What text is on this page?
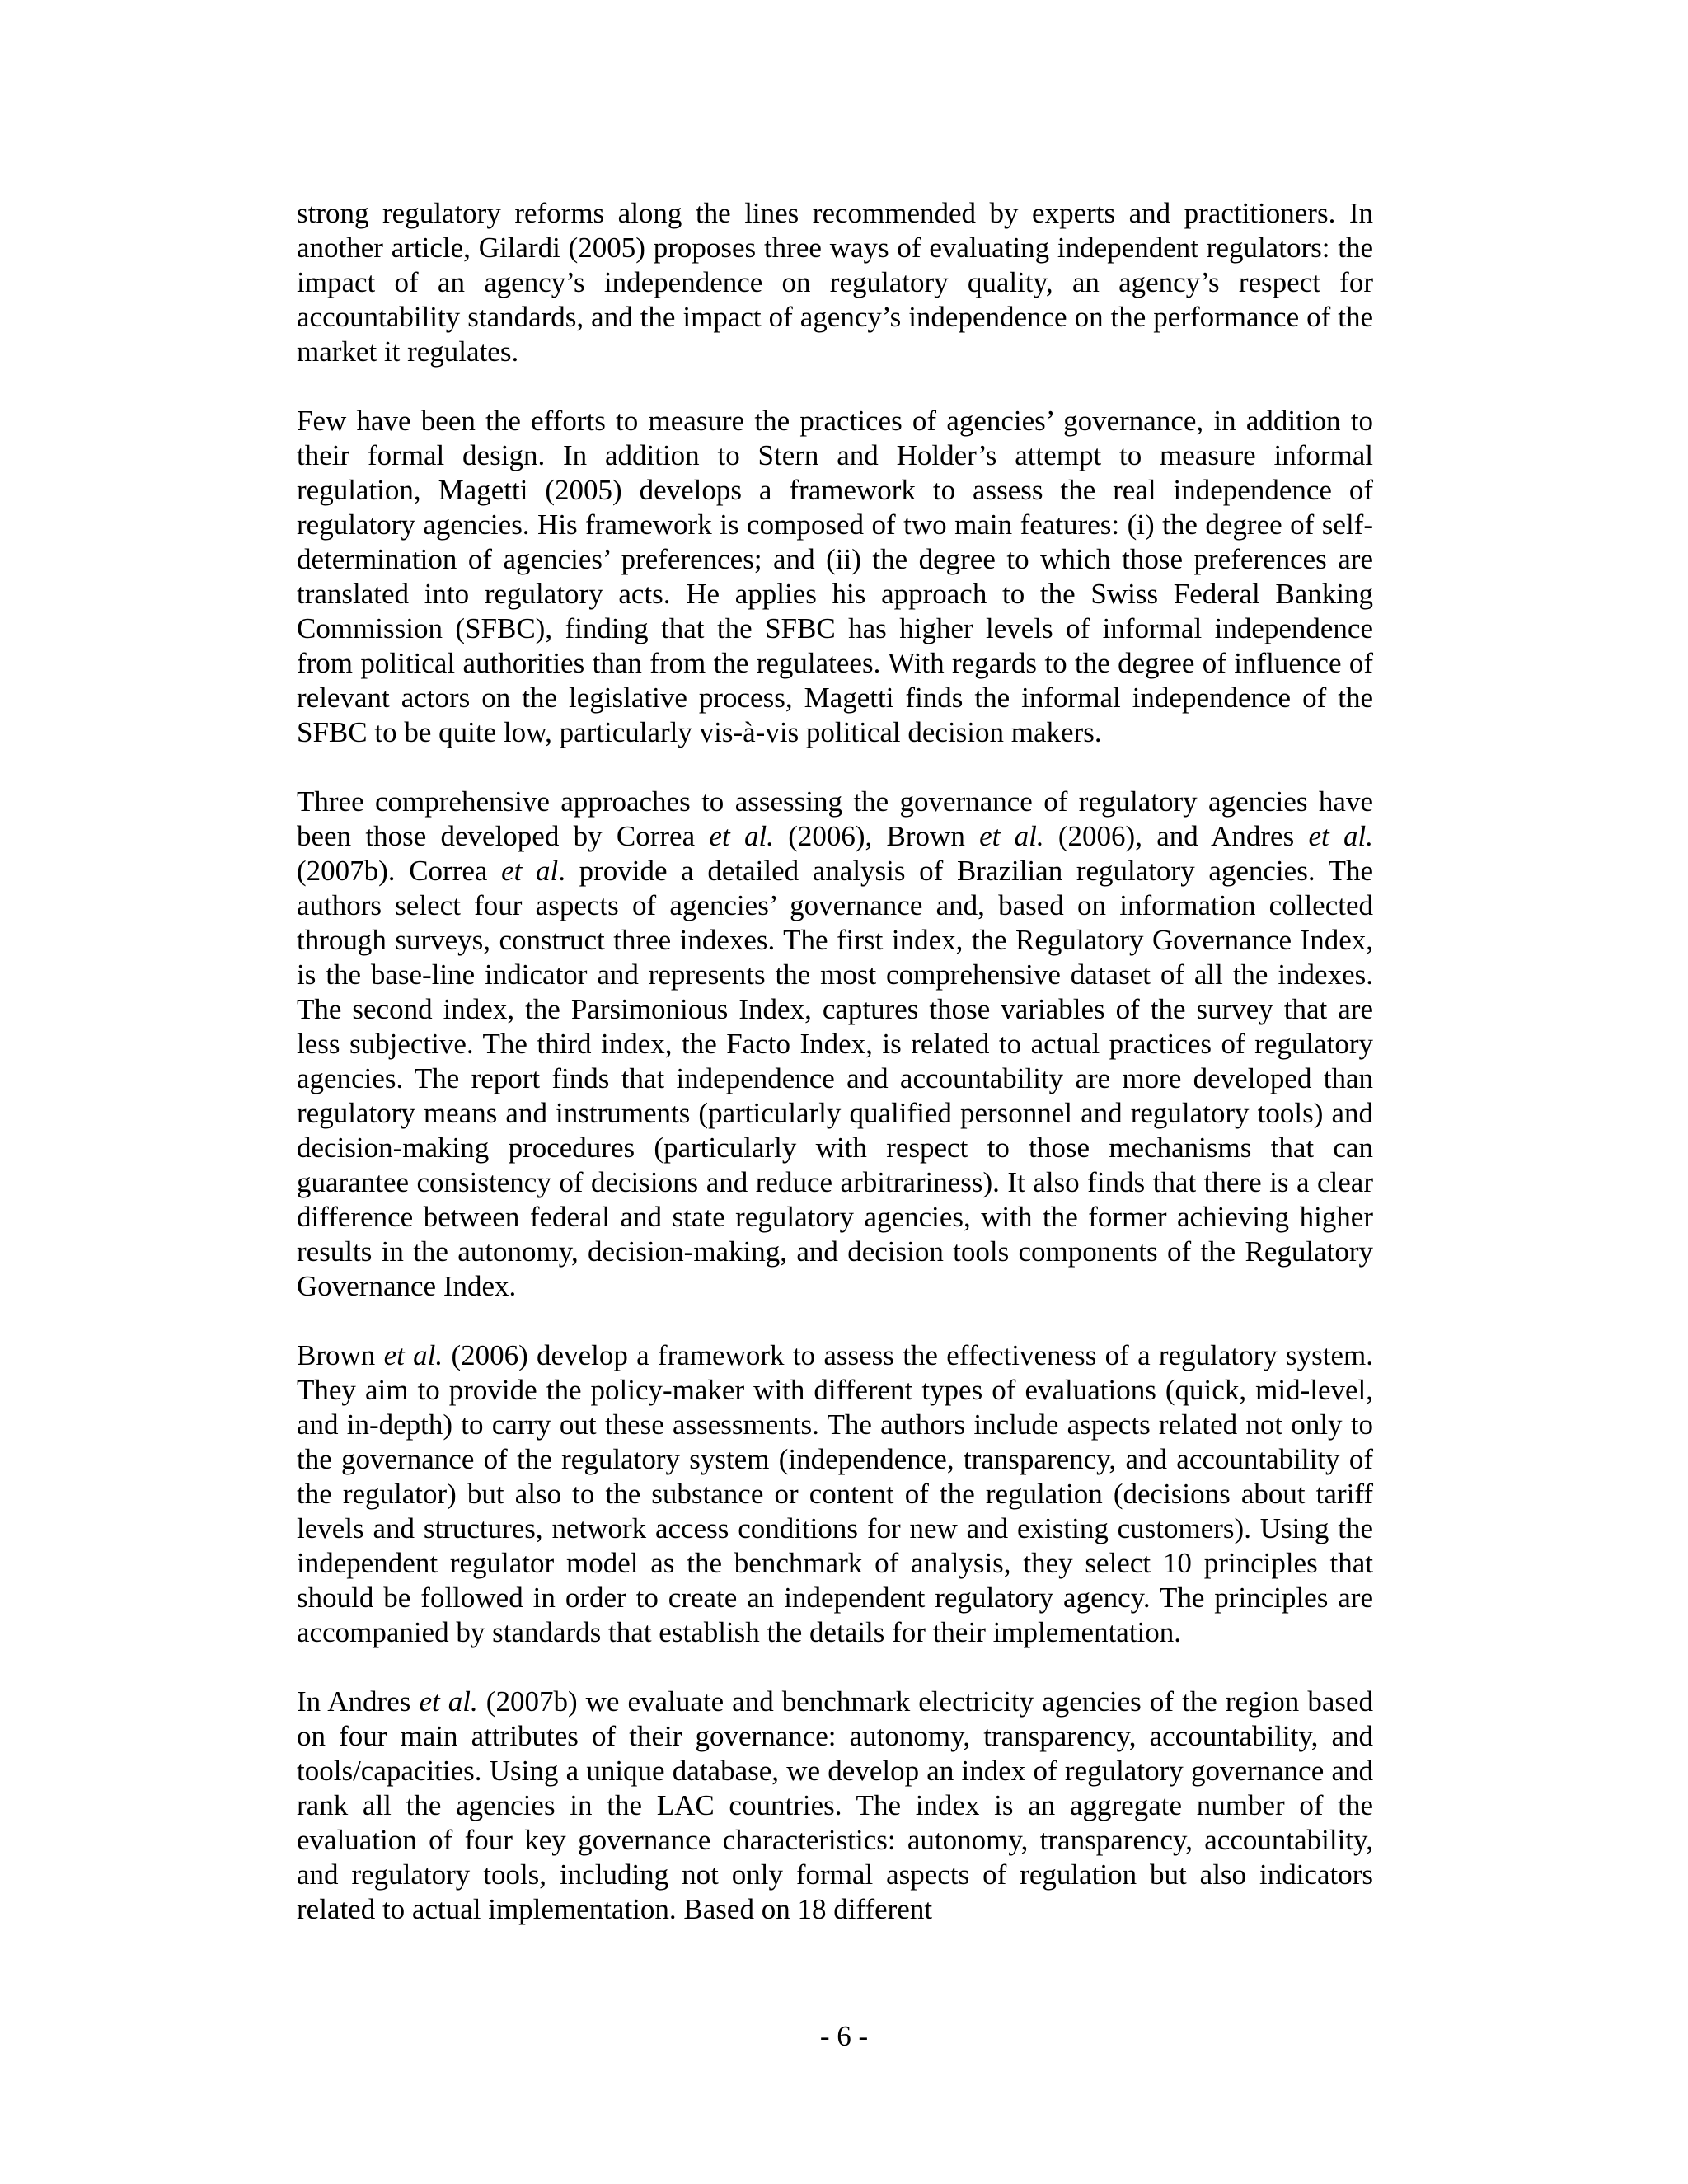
strong regulatory reforms along the lines recommended by experts and practitioners. In another article, Gilardi (2005) proposes three ways of evaluating independent regulators: the impact of an agency’s independence on regulatory quality, an agency’s respect for accountability standards, and the impact of agency’s independence on the performance of the market it regulates.

Few have been the efforts to measure the practices of agencies’ governance, in addition to their formal design. In addition to Stern and Holder’s attempt to measure informal regulation, Magetti (2005) develops a framework to assess the real independence of regulatory agencies. His framework is composed of two main features: (i) the degree of self-determination of agencies’ preferences; and (ii) the degree to which those preferences are translated into regulatory acts. He applies his approach to the Swiss Federal Banking Commission (SFBC), finding that the SFBC has higher levels of informal independence from political authorities than from the regulatees. With regards to the degree of influence of relevant actors on the legislative process, Magetti finds the informal independence of the SFBC to be quite low, particularly vis-à-vis political decision makers.

Three comprehensive approaches to assessing the governance of regulatory agencies have been those developed by Correa et al. (2006), Brown et al. (2006), and Andres et al. (2007b). Correa et al. provide a detailed analysis of Brazilian regulatory agencies. The authors select four aspects of agencies’ governance and, based on information collected through surveys, construct three indexes. The first index, the Regulatory Governance Index, is the base-line indicator and represents the most comprehensive dataset of all the indexes. The second index, the Parsimonious Index, captures those variables of the survey that are less subjective. The third index, the Facto Index, is related to actual practices of regulatory agencies. The report finds that independence and accountability are more developed than regulatory means and instruments (particularly qualified personnel and regulatory tools) and decision-making procedures (particularly with respect to those mechanisms that can guarantee consistency of decisions and reduce arbitrariness). It also finds that there is a clear difference between federal and state regulatory agencies, with the former achieving higher results in the autonomy, decision-making, and decision tools components of the Regulatory Governance Index.

Brown et al. (2006) develop a framework to assess the effectiveness of a regulatory system. They aim to provide the policy-maker with different types of evaluations (quick, mid-level, and in-depth) to carry out these assessments. The authors include aspects related not only to the governance of the regulatory system (independence, transparency, and accountability of the regulator) but also to the substance or content of the regulation (decisions about tariff levels and structures, network access conditions for new and existing customers). Using the independent regulator model as the benchmark of analysis, they select 10 principles that should be followed in order to create an independent regulatory agency. The principles are accompanied by standards that establish the details for their implementation.

In Andres et al. (2007b) we evaluate and benchmark electricity agencies of the region based on four main attributes of their governance: autonomy, transparency, accountability, and tools/capacities. Using a unique database, we develop an index of regulatory governance and rank all the agencies in the LAC countries. The index is an aggregate number of the evaluation of four key governance characteristics: autonomy, transparency, accountability, and regulatory tools, including not only formal aspects of regulation but also indicators related to actual implementation. Based on 18 different

- 6 -
